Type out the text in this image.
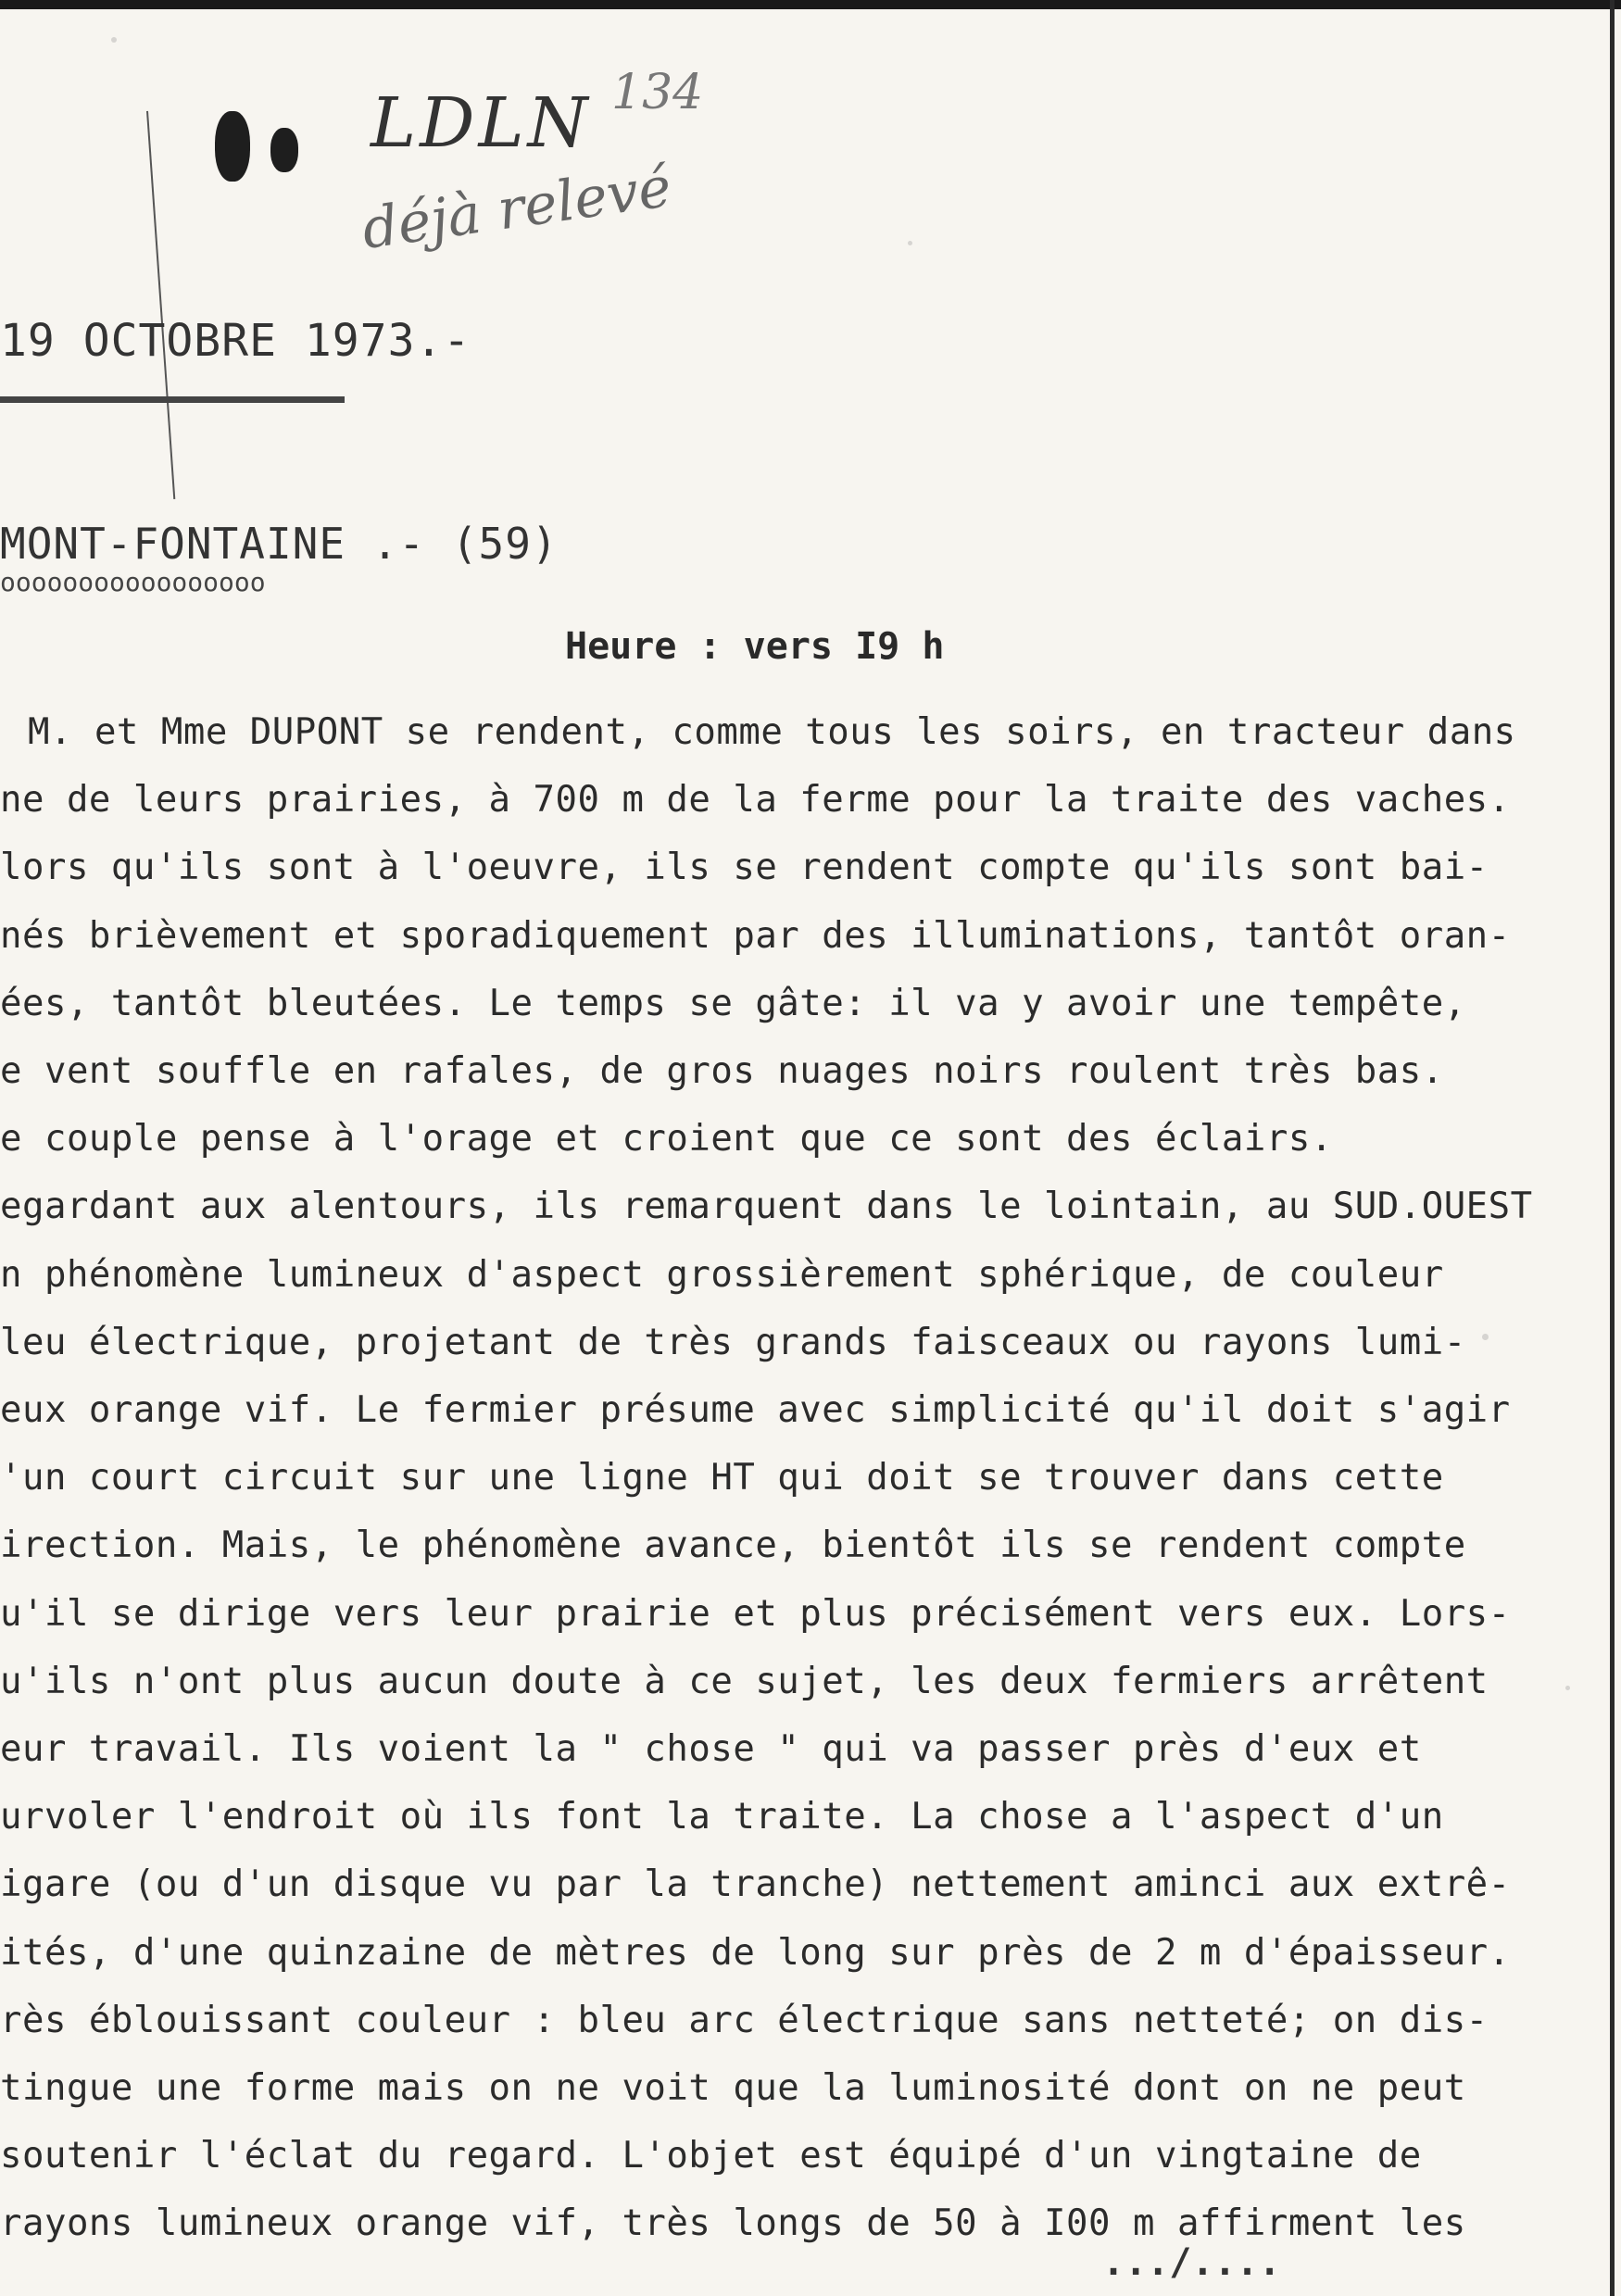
LDLN 134
déjà relevé
19 OCTOBRE 1973.-
MONT-FONTAINE .- (59)
ooooooooooooooooo
Heure : vers I9 h
M. et Mme DUPONT se rendent, comme tous les soirs, en tracteur dans
ne de leurs prairies, à 700 m de la ferme pour la traite des vaches.
lors qu'ils sont à l'oeuvre, ils se rendent compte qu'ils sont bai-
nés brièvement et sporadiquement par des illuminations, tantôt oran-
ées, tantôt bleutées. Le temps se gâte: il va y avoir une tempête,
e vent souffle en rafales, de gros nuages noirs roulent très bas.
e couple pense à l'orage et croient que ce sont des éclairs.
egardant aux alentours, ils remarquent dans le lointain, au SUD.OUEST
n phénomène lumineux d'aspect grossièrement sphérique, de couleur
leu électrique, projetant de très grands faisceaux ou rayons lumi-
eux orange vif. Le fermier présume avec simplicité qu'il doit s'agir
'un court circuit sur une ligne HT qui doit se trouver dans cette
irection. Mais, le phénomène avance, bientôt ils se rendent compte
u'il se dirige vers leur prairie et plus précisément vers eux. Lors-
u'ils n'ont plus aucun doute à ce sujet, les deux fermiers arrêtent
eur travail. Ils voient la " chose " qui va passer près d'eux et
urvoler l'endroit où ils font la traite. La chose a l'aspect d'un
igare (ou d'un disque vu par la tranche) nettement aminci aux extrê-
ités, d'une quinzaine de mètres de long sur près de 2 m d'épaisseur.
rès éblouissant couleur : bleu arc électrique sans netteté; on dis-
tingue une forme mais on ne voit que la luminosité dont on ne peut
soutenir l'éclat du regard. L'objet est équipé d'un vingtaine de
rayons lumineux orange vif, très longs de 50 à I00 m affirment les
.../....
